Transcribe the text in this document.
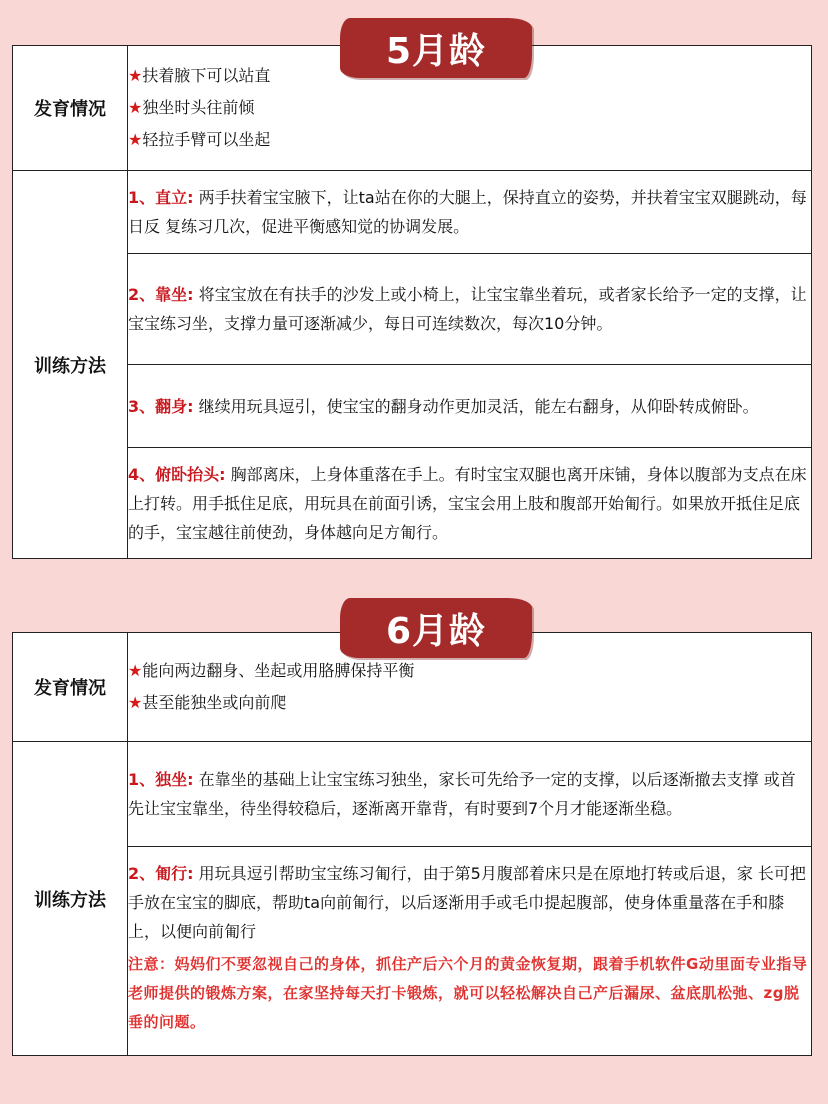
5月龄
发育情况	★扶着腋下可以站直
★独坐时头往前倾
★轻拉手臂可以坐起

训练方法	1、直立: 两手扶着宝宝腋下，让ta站在你的大腿上，保持直立的姿势，并扶着宝宝双腿跳动，每日反 复练习几次，促进平衡感知觉的协调发展。
	2、靠坐: 将宝宝放在有扶手的沙发上或小椅上，让宝宝靠坐着玩，或者家长给予一定的支撑，让宝宝练习坐，支撑力量可逐渐减少，每日可连续数次，每次10分钟。
	3、翻身: 继续用玩具逗引，使宝宝的翻身动作更加灵活，能左右翻身，从仰卧转成俯卧。
	4、俯卧抬头: 胸部离床，上身体重落在手上。有时宝宝双腿也离开床铺，身体以腹部为支点在床上打转。用手抵住足底，用玩具在前面引诱，宝宝会用上肢和腹部开始匍行。如果放开抵住足底的手，宝宝越往前使劲，身体越向足方匍行。
6月龄
发育情况	★能向两边翻身、坐起或用胳膊保持平衡
★甚至能独坐或向前爬

训练方法	1、独坐: 在靠坐的基础上让宝宝练习独坐，家长可先给予一定的支撑，以后逐渐撤去支撑 或首先让宝宝靠坐，待坐得较稳后，逐渐离开靠背，有时要到7个月才能逐渐坐稳。

	2、匍行: 用玩具逗引帮助宝宝练习匍行，由于第5月腹部着床只是在原地打转或后退，家 长可把手放在宝宝的脚底，帮助ta向前匍行，以后逐渐用手或毛巾提起腹部，使身体重量落在手和膝上，以便向前匍行
注意：妈妈们不要忽视自己的身体，抓住产后六个月的黄金恢复期，跟着手机软件G动里面专业指导老师提供的锻炼方案，在家坚持每天打卡锻炼，就可以轻松解决自己产后漏尿、盆底肌松弛、zg脱垂的问题。
